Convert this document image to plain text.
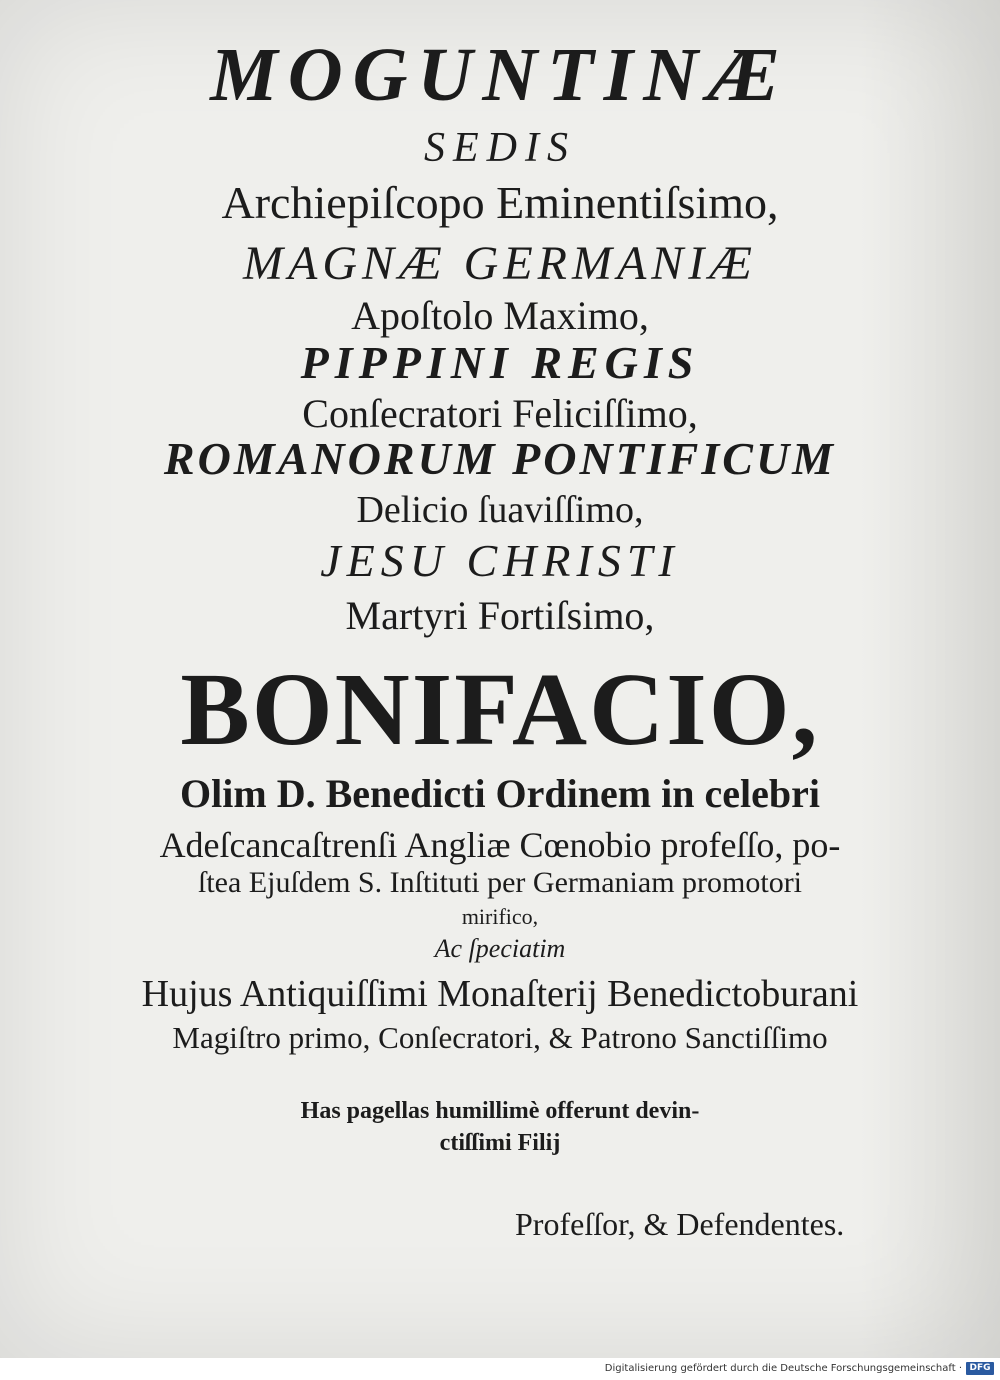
MOGUNTINÆ

SEDIS

Archiepiſcopo Eminentiſsimo,

MAGNÆ GERMANIÆ

Apoſtolo Maximo,

PIPPINI REGIS

Conſecratori Feliciſſimo,

ROMANORUM PONTIFICUM

Delicio ſuaviſſimo,

JESU CHRISTI

Martyri Fortiſsimo,

BONIFACIO,

Olim D. Benedicti Ordinem in celebri

Adeſcancaſtrenſi Angliæ Cœnobio profeſſo, po-

ſtea Ejuſdem S. Inſtituti per Germaniam promotori

mirifico,

Ac ſpeciatim

Hujus Antiquiſſimi Monaſterij Benedictoburani

Magiſtro primo, Conſecratori, & Patrono Sanctiſſimo

Has pagellas humillimè offerunt devin-

ctiſſimi Filij

Profeſſor, & Defendentes.

Digitalisierung gefördert durch die Deutsche Forschungsgemeinschaft · DFG
